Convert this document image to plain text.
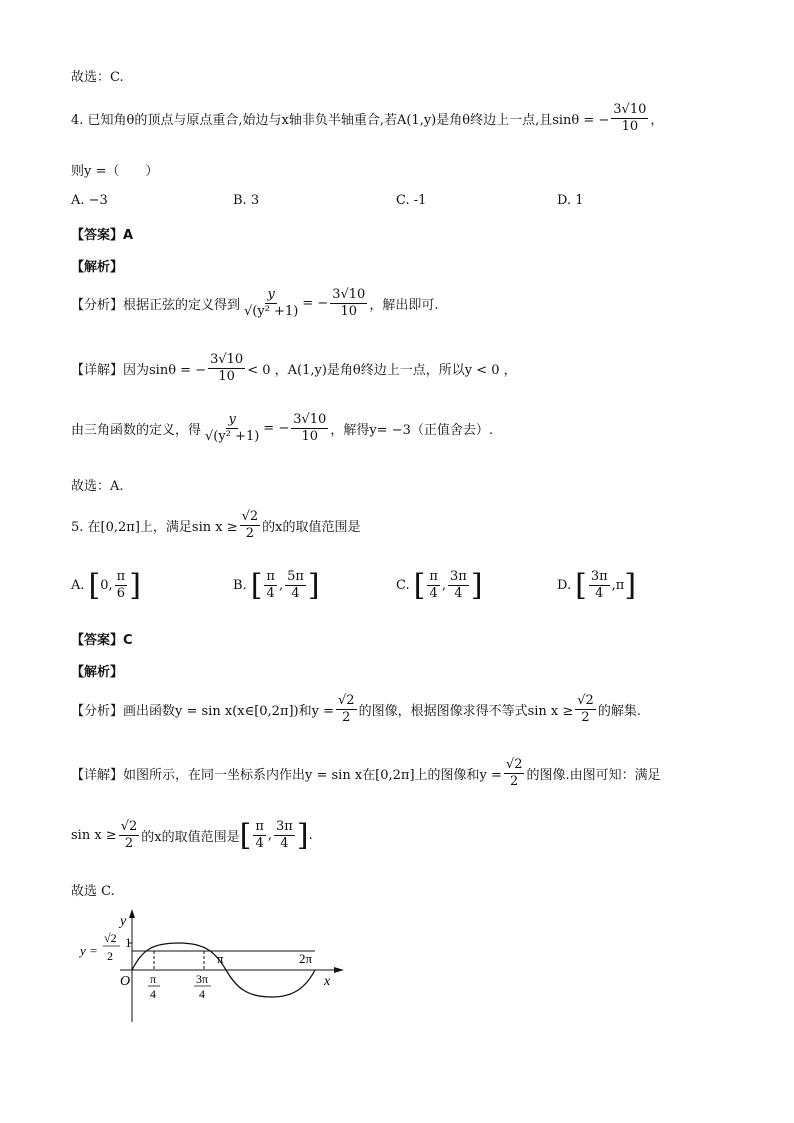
故选：C.
4. 已知角θ的顶点与原点重合,始边与x轴非负半轴重合,若A(1,y)是角θ终边上一点,且sinθ = − $\frac{3√10}{10}$ ，
则y =（　　）
A. −3	B. 3	C. -1	D. 1
【答案】A
【解析】
【分析】根据正弦的定义得到 $\frac{y}{\text{√(y² +1)}}$ = − $\frac{3√10}{10}$ ，解出即可.
【详解】因为sinθ = − $\frac{3√10}{10} < 0$ ，A(1,y)是角θ终边上一点，所以y < 0 ，
由三角函数的定义，得 $\frac{y}{\text{√(y² +1)}}$ = − $\frac{3√10}{10}$ ，解得y= −3（正值舍去）.
故选：A.
5. 在[0,2π]上，满足$\sin x \ge \frac{√2}{2}$ 的x的取值范围是
A. [ 0, $\frac{\pi}{6}$ ]	B. [ $\frac{\pi}{4}$ , $\frac{5\pi}{4}$ ]	C. [ $\frac{\pi}{4}$ , $\frac{3\pi}{4}$ ]	D. [ $\frac{3\pi}{4}$ , π ]
【答案】C
【解析】
【分析】画出函数y = sin x(x∈[0,2π])和$y = \frac{√2}{2}$ 的图像，根据图像求得不等式$\sin x \ge \frac{√2}{2}$ 的解集.
【详解】如图所示，在同一坐标系内作出y = sin x在[0,2π]上的图像和$y = \frac{√2}{2}$ 的图像.由图可知：满足
$\sin x \ge \frac{√2}{2}$ 的x的取值范围是 [ $\frac{\pi}{4}$ , $\frac{3\pi}{4}$ ] .
故选 C.
y
x
O
1
y =
√2
2	π	2π
π
4
3π
4
